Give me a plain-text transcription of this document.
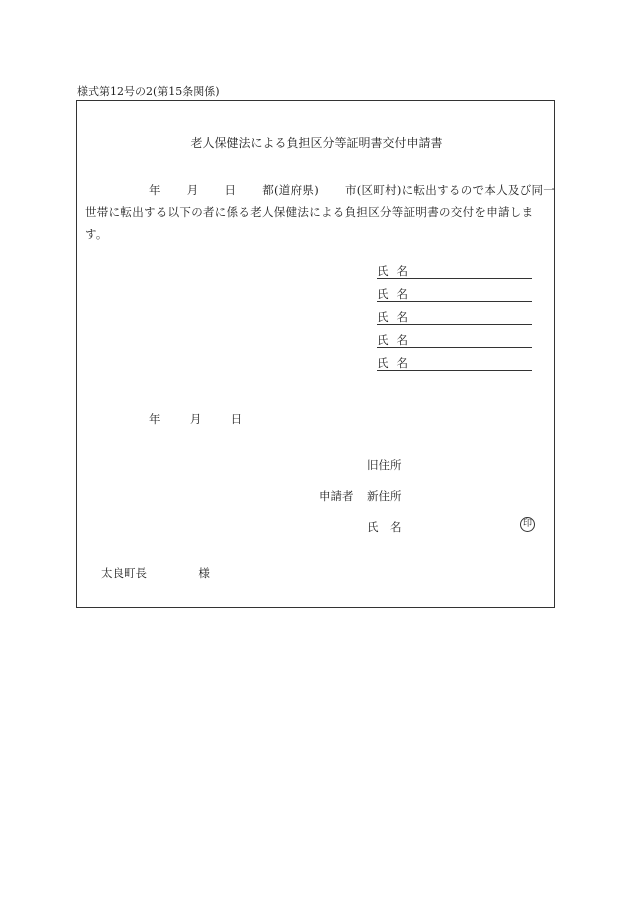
様式第12号の2(第15条関係)
老人保健法による負担区分等証明書交付申請書
年 月 日 都(道府県) 市(区町村)に転出するので本人及び同一
世帯に転出する以下の者に係る老人保健法による負担区分等証明書の交付を申請しま
す。
氏名
氏名
氏名
氏名
氏名
年	月	日
旧住所
申請者 新住所
氏　名	印
太良町長	様
